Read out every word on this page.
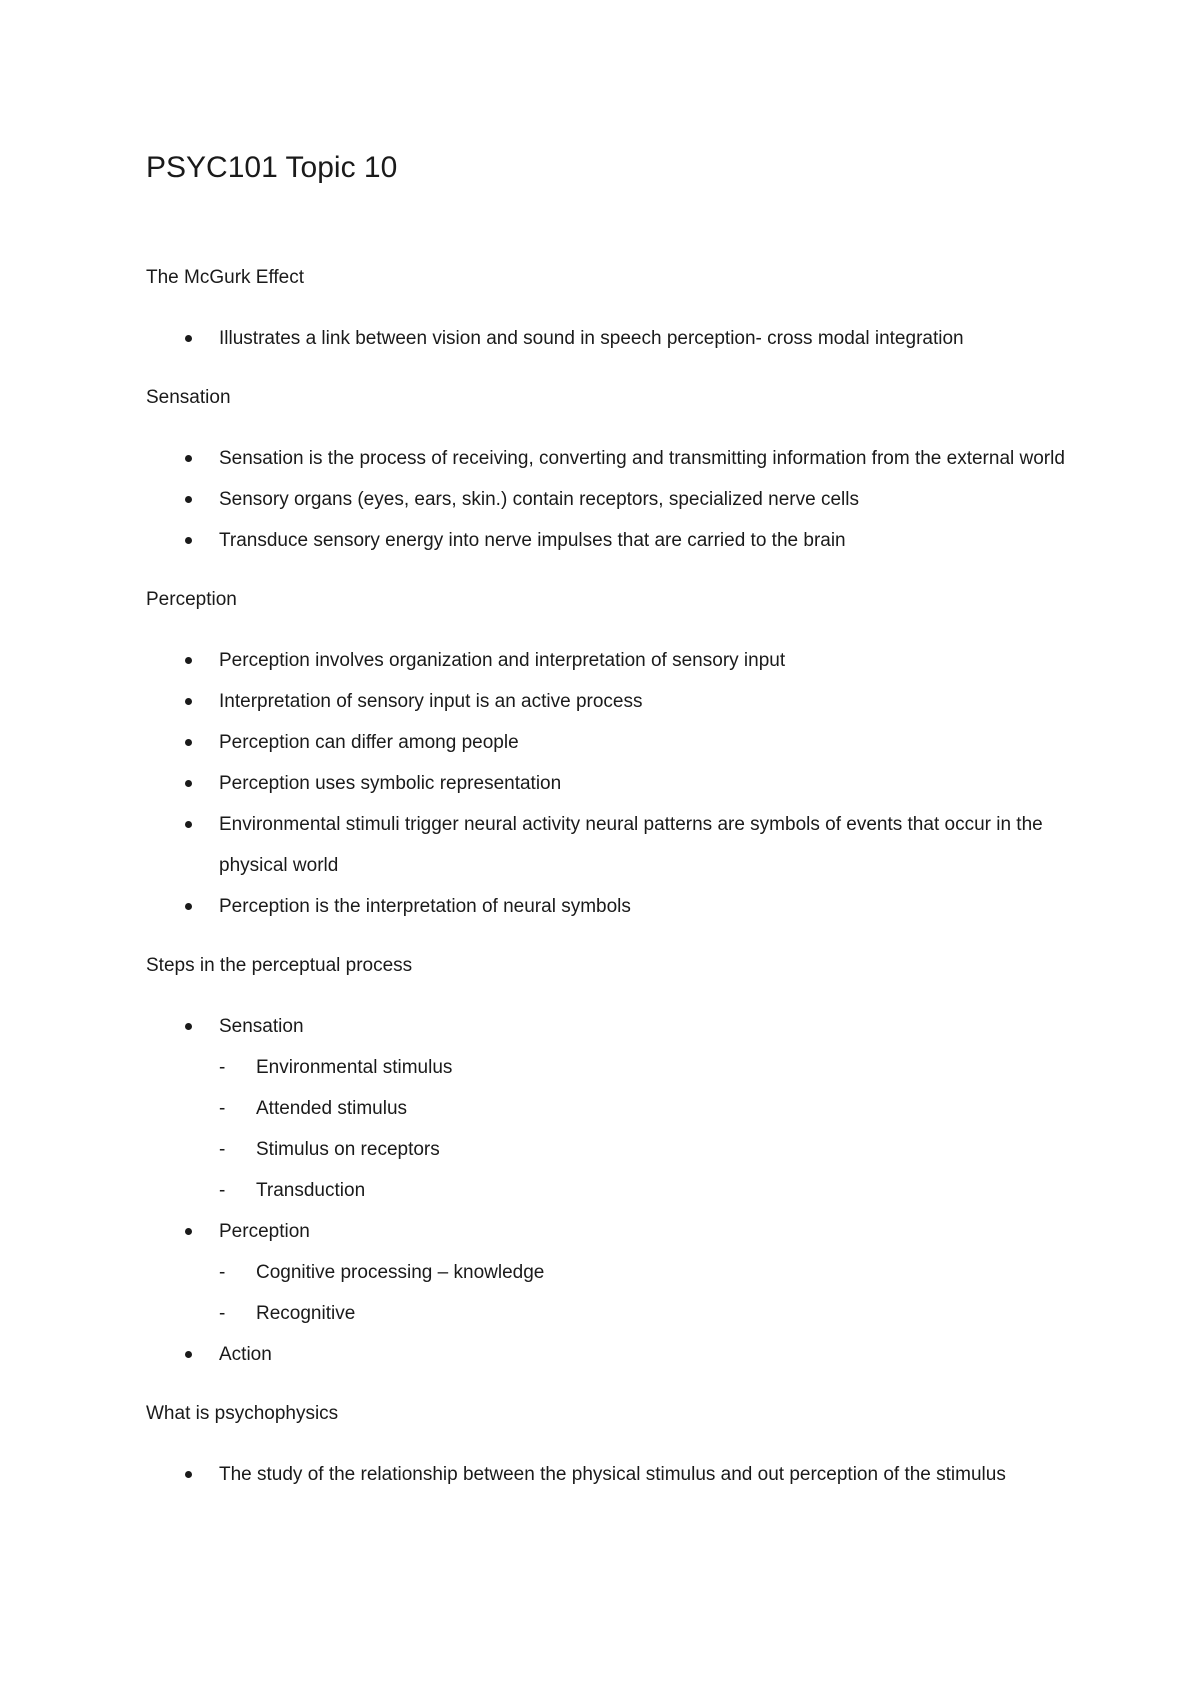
PSYC101 Topic 10
The McGurk Effect
Illustrates a link between vision and sound in speech perception- cross modal integration
Sensation
Sensation is the process of receiving, converting and transmitting information from the external world
Sensory organs (eyes, ears, skin.) contain receptors, specialized nerve cells
Transduce sensory energy into nerve impulses that are carried to the brain
Perception
Perception involves organization and interpretation of sensory input
Interpretation of sensory input is an active process
Perception can differ among people
Perception uses symbolic representation
Environmental stimuli trigger neural activity neural patterns are symbols of events that occur in the physical world
Perception is the interpretation of neural symbols
Steps in the perceptual process
Sensation
- Environmental stimulus
- Attended stimulus
- Stimulus on receptors
- Transduction
Perception
- Cognitive processing – knowledge
- Recognitive
Action
What is psychophysics
The study of the relationship between the physical stimulus and out perception of the stimulus
